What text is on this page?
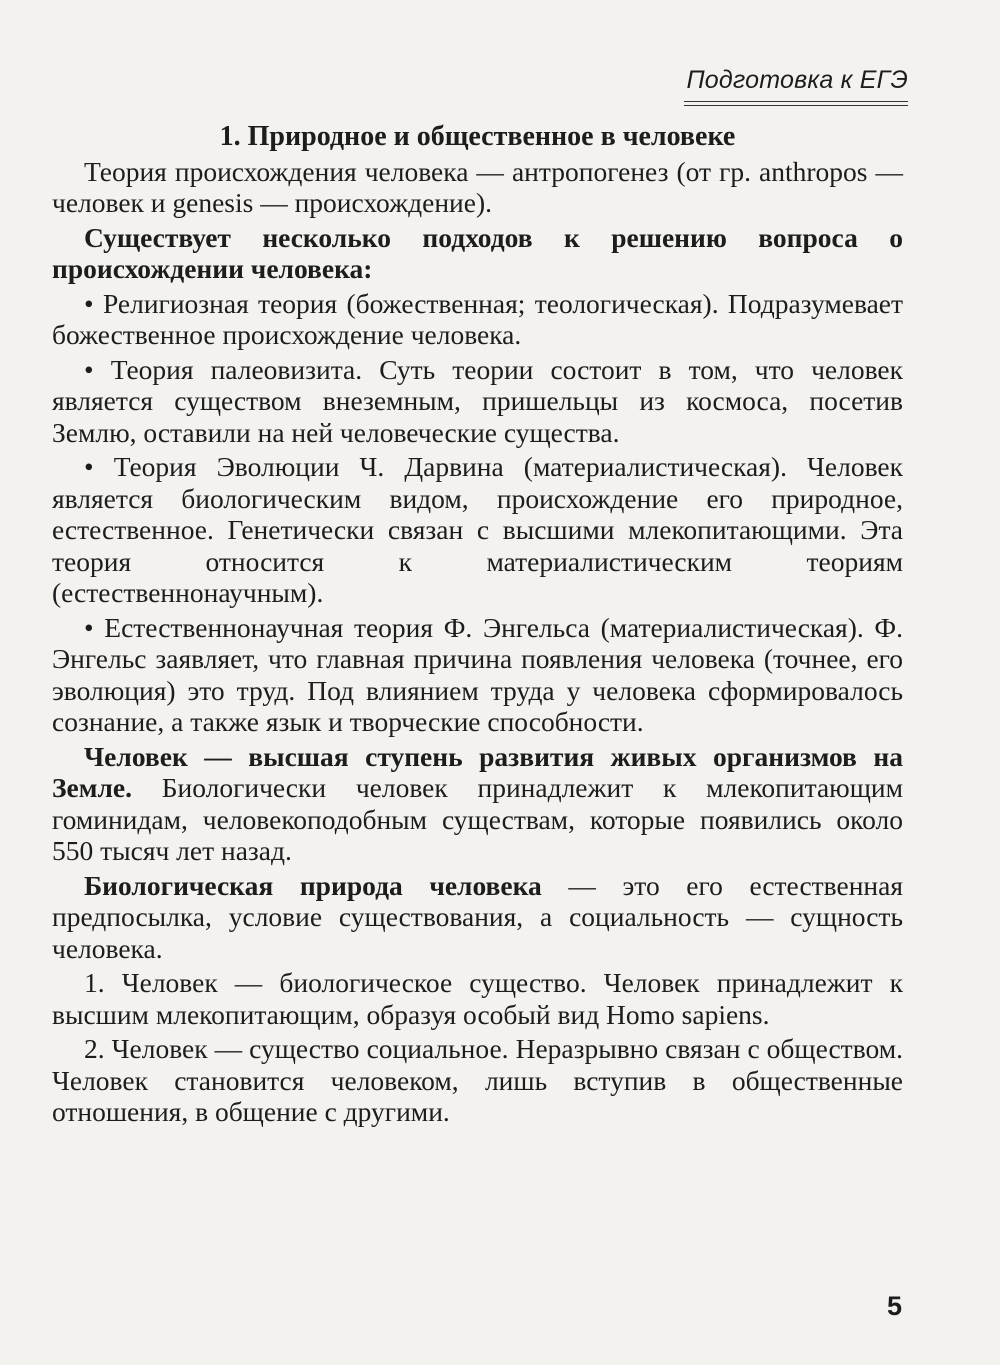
Подготовка к ЕГЭ

1. Природное и общественное в человеке

Теория происхождения человека — антропогенез (от гр. anthropos — человек и genesis — происхождение).

Существует несколько подходов к решению вопроса о происхождении человека:

• Религиозная теория (божественная; теологическая). Подразумевает божественное происхождение человека.

• Теория палеовизита. Суть теории состоит в том, что человек является существом внеземным, пришельцы из космоса, посетив Землю, оставили на ней человеческие существа.

• Теория Эволюции Ч. Дарвина (материалистическая). Человек является биологическим видом, происхождение его природное, естественное. Генетически связан с высшими млекопитающими. Эта теория относится к материалистическим теориям (естественнонаучным).

• Естественнонаучная теория Ф. Энгельса (материалистическая). Ф. Энгельс заявляет, что главная причина появления человека (точнее, его эволюция) это труд. Под влиянием труда у человека сформировалось сознание, а также язык и творческие способности.

Человек — высшая ступень развития живых организмов на Земле. Биологически человек принадлежит к млекопитающим гоминидам, человекоподобным существам, которые появились около 550 тысяч лет назад.

Биологическая природа человека — это его естественная предпосылка, условие существования, а социальность — сущность человека.

1. Человек — биологическое существо. Человек принадлежит к высшим млекопитающим, образуя особый вид Homo sapiens.

2. Человек — существо социальное. Неразрывно связан с обществом. Человек становится человеком, лишь вступив в общественные отношения, в общение с другими.

5
